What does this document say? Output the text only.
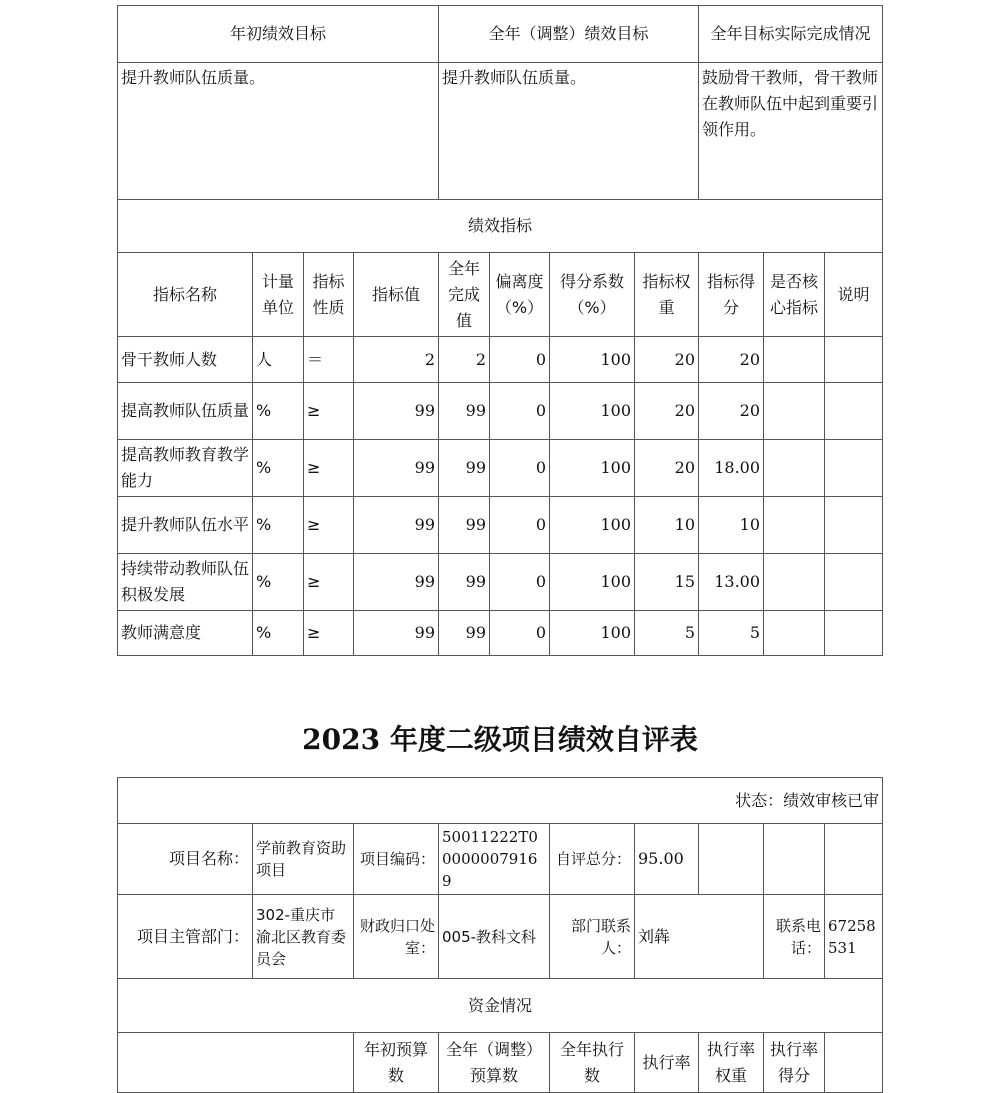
年初绩效目标				全年（调整）绩效目标				全年目标实际完成情况		
提升教师队伍质量。				提升教师队伍质量。				鼓励骨干教师，骨干教师在教师队伍中起到重要引领作用。		
绩效指标										
指标名称	计量单位	指标性质	指标值	全年完成值	偏离度（%）	得分系数（%）	指标权重	指标得分	是否核心指标	说明
骨干教师人数	人	＝	2	2	0	100	20	20		
提高教师队伍质量	%	≥	99	99	0	100	20	20		
提高教师教育教学能力	%	≥	99	99	0	100	20	18.00		
提升教师队伍水平	%	≥	99	99	0	100	10	10		
持续带动教师队伍积极发展	%	≥	99	99	0	100	15	13.00		
教师满意度	%	≥	99	99	0	100	5	5		
2023 年度二级项目绩效自评表
状态：绩效审核已审								
项目名称：	学前教育资助项目	项目编码：	50011222T000000079169	自评总分：	95.00			
项目主管部门：	302-重庆市渝北区教育委员会	财政归口处室：	005-教科文科	部门联系人：	刘犇		联系电话：	67258531
资金情况								
		年初预算数	全年（调整）预算数	全年执行数	执行率	执行率权重	执行率得分	
